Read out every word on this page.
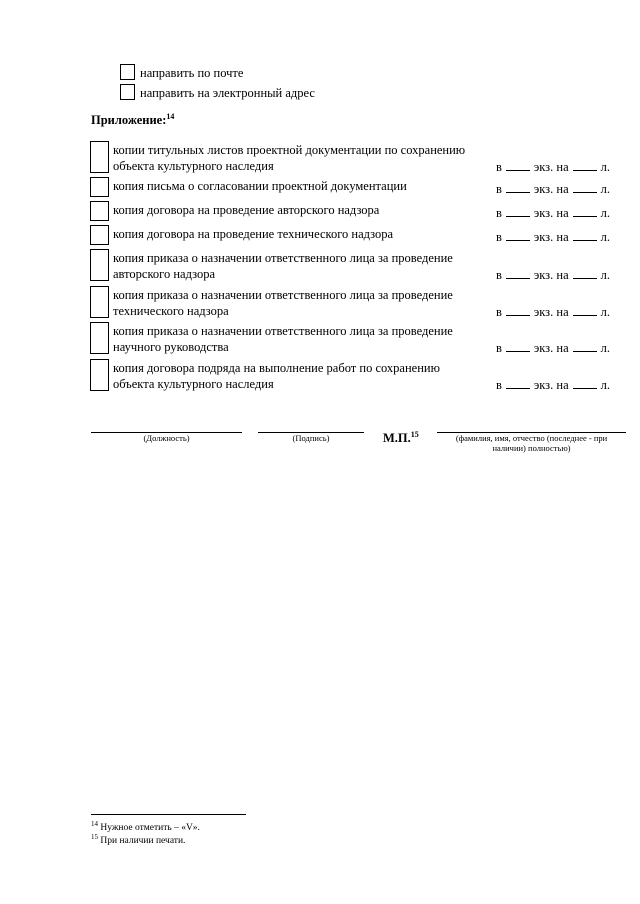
направить по почте
направить на электронный адрес
Приложение:$^{14}$
копии титульных листов проектной документации по сохранению
объекта культурного наследия	в	экз. на	л.
копия письма о согласовании проектной документации	в	экз. на	л.
копия договора на проведение авторского надзора	в	экз. на	л.
копия договора на проведение технического надзора	в	экз. на	л.
копия приказа о назначении ответственного лица за проведение
авторского надзора	в	экз. на	л.
копия приказа о назначении ответственного лица за проведение
технического надзора	в	экз. на	л.
копия приказа о назначении ответственного лица за проведение
научного руководства	в	экз. на	л.
копия договора подряда на выполнение работ по сохранению
объекта культурного наследия	в	экз. на	л.
(Должность)	(Подпись)	М.П.$^{15}$	(фамилия, имя, отчество (последнее - при
наличии) полностью)
$^{14}$ Нужное отметить – «V».
$^{15}$ При наличии печати.
